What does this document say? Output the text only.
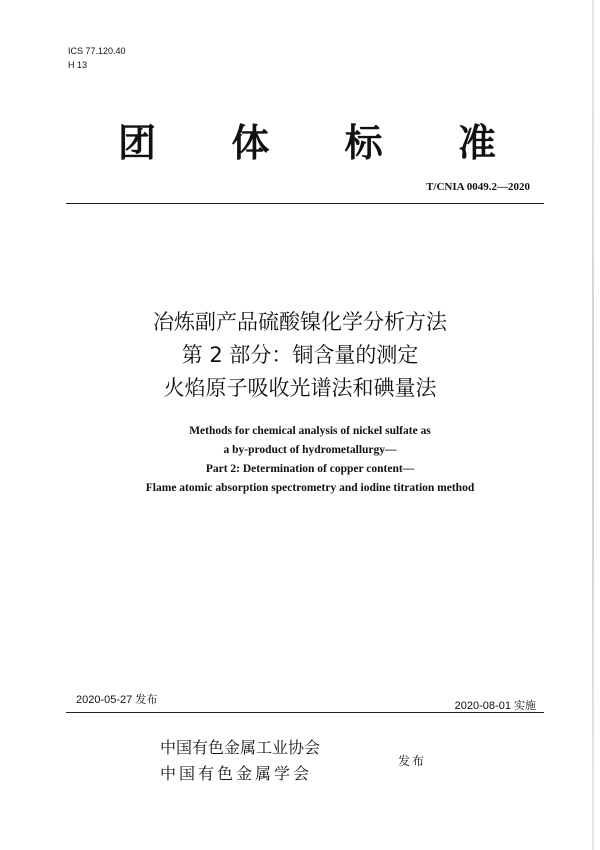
ICS 77.120.40
H 13
团 体 标 准
T/CNIA 0049.2—2020
冶炼副产品硫酸镍化学分析方法
第 2 部分：铜含量的测定
火焰原子吸收光谱法和碘量法
Methods for chemical analysis of nickel sulfate as
a by-product of hydrometallurgy—
Part 2: Determination of copper content—
Flame atomic absorption spectrometry and iodine titration method
2020-05-27 发布	2020-08-01 实施
中国有色金属工业协会
中国有色金属学会
发布
